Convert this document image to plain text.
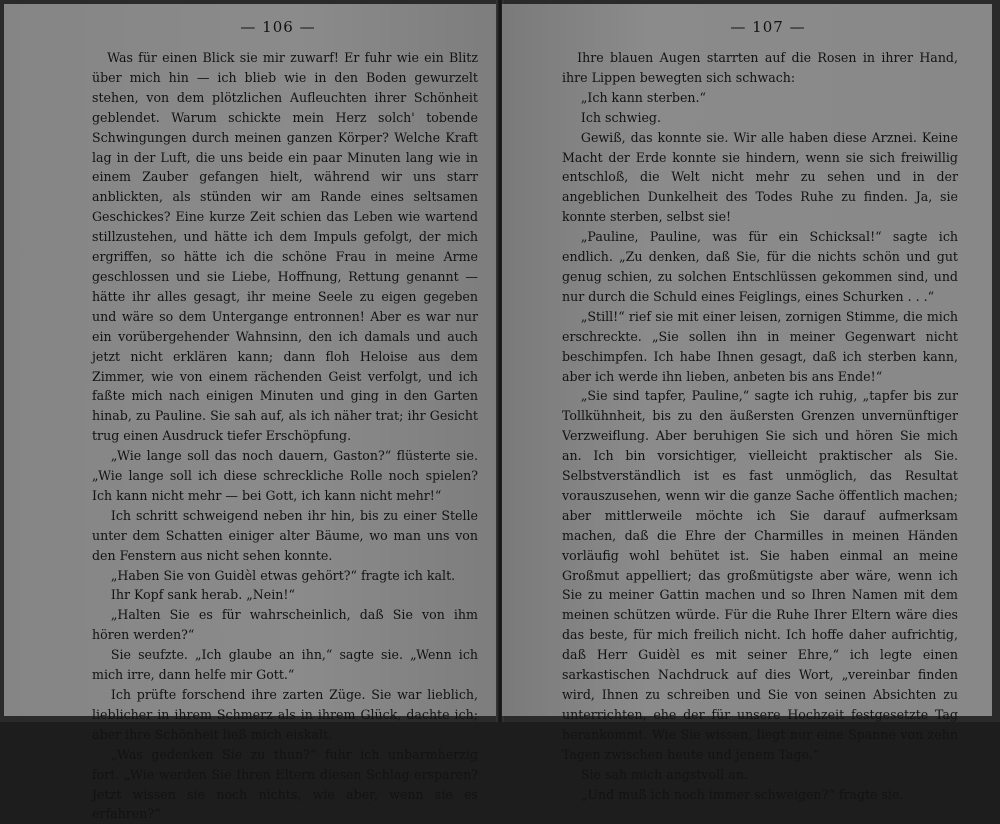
— 106 —

Was für einen Blick sie mir zuwarf! Er fuhr wie ein Blitz über mich hin — ich blieb wie in den Boden gewurzelt stehen, von dem plötzlichen Aufleuchten ihrer Schönheit geblendet. Warum schickte mein Herz solch' tobende Schwingungen durch meinen ganzen Körper? Welche Kraft lag in der Luft, die uns beide ein paar Minuten lang wie in einem Zauber gefangen hielt, während wir uns starr anblickten, als stünden wir am Rande eines seltsamen Geschickes? Eine kurze Zeit schien das Leben wie wartend stillzustehen, und hätte ich dem Impuls gefolgt, der mich ergriffen, so hätte ich die schöne Frau in meine Arme geschlossen und sie Liebe, Hoffnung, Rettung genannt — hätte ihr alles gesagt, ihr meine Seele zu eigen gegeben und wäre so dem Untergange entronnen! Aber es war nur ein vorübergehender Wahnsinn, den ich damals und auch jetzt nicht erklären kann; dann floh Heloise aus dem Zimmer, wie von einem rächenden Geist verfolgt, und ich faßte mich nach einigen Minuten und ging in den Garten hinab, zu Pauline. Sie sah auf, als ich näher trat; ihr Gesicht trug einen Ausdruck tiefer Erschöpfung.

„Wie lange soll das noch dauern, Gaston?“ flüsterte sie. „Wie lange soll ich diese schreckliche Rolle noch spielen? Ich kann nicht mehr — bei Gott, ich kann nicht mehr!“

Ich schritt schweigend neben ihr hin, bis zu einer Stelle unter dem Schatten einiger alter Bäume, wo man uns von den Fenstern aus nicht sehen konnte.

„Haben Sie von Guidèl etwas gehört?“ fragte ich kalt.

Ihr Kopf sank herab. „Nein!“

„Halten Sie es für wahrscheinlich, daß Sie von ihm hören werden?“

Sie seufzte. „Ich glaube an ihn,“ sagte sie. „Wenn ich mich irre, dann helfe mir Gott.“

Ich prüfte forschend ihre zarten Züge. Sie war lieblich, lieblicher in ihrem Schmerz als in ihrem Glück, dachte ich; aber ihre Schönheit ließ mich eiskalt.

„Was gedenken Sie zu thun?“ fuhr ich unbarmherzig fort. „Wie werden Sie Ihren Eltern diesen Schlag ersparen? Jetzt wissen sie noch nichts, wie aber, wenn sie es erfahren?“

— 107 —

Ihre blauen Augen starrten auf die Rosen in ihrer Hand, ihre Lippen bewegten sich schwach:

„Ich kann sterben.“

Ich schwieg.

Gewiß, das konnte sie. Wir alle haben diese Arznei. Keine Macht der Erde konnte sie hindern, wenn sie sich freiwillig entschloß, die Welt nicht mehr zu sehen und in der angeblichen Dunkelheit des Todes Ruhe zu finden. Ja, sie konnte sterben, selbst sie!

„Pauline, Pauline, was für ein Schicksal!“ sagte ich endlich. „Zu denken, daß Sie, für die nichts schön und gut genug schien, zu solchen Entschlüssen gekommen sind, und nur durch die Schuld eines Feiglings, eines Schurken . . .“

„Still!“ rief sie mit einer leisen, zornigen Stimme, die mich erschreckte. „Sie sollen ihn in meiner Gegenwart nicht beschimpfen. Ich habe Ihnen gesagt, daß ich sterben kann, aber ich werde ihn lieben, anbeten bis ans Ende!“

„Sie sind tapfer, Pauline,“ sagte ich ruhig, „tapfer bis zur Tollkühnheit, bis zu den äußersten Grenzen unvernünftiger Verzweiflung. Aber beruhigen Sie sich und hören Sie mich an. Ich bin vorsichtiger, vielleicht praktischer als Sie. Selbstverständlich ist es fast unmöglich, das Resultat vorauszusehen, wenn wir die ganze Sache öffentlich machen; aber mittlerweile möchte ich Sie darauf aufmerksam machen, daß die Ehre der Charmilles in meinen Händen vorläufig wohl behütet ist. Sie haben einmal an meine Großmut appelliert; das großmütigste aber wäre, wenn ich Sie zu meiner Gattin machen und so Ihren Namen mit dem meinen schützen würde. Für die Ruhe Ihrer Eltern wäre dies das beste, für mich freilich nicht. Ich hoffe daher aufrichtig, daß Herr Guidèl es mit seiner Ehre,“ ich legte einen sarkastischen Nachdruck auf dies Wort, „vereinbar finden wird, Ihnen zu schreiben und Sie von seinen Absichten zu unterrichten, ehe der für unsere Hochzeit festgesetzte Tag herankommt. Wie Sie wissen, liegt nur eine Spanne von zehn Tagen zwischen heute und jenem Tage.“

Sie sah mich angstvoll an.

„Und muß ich noch immer schweigen?“ fragte sie.
